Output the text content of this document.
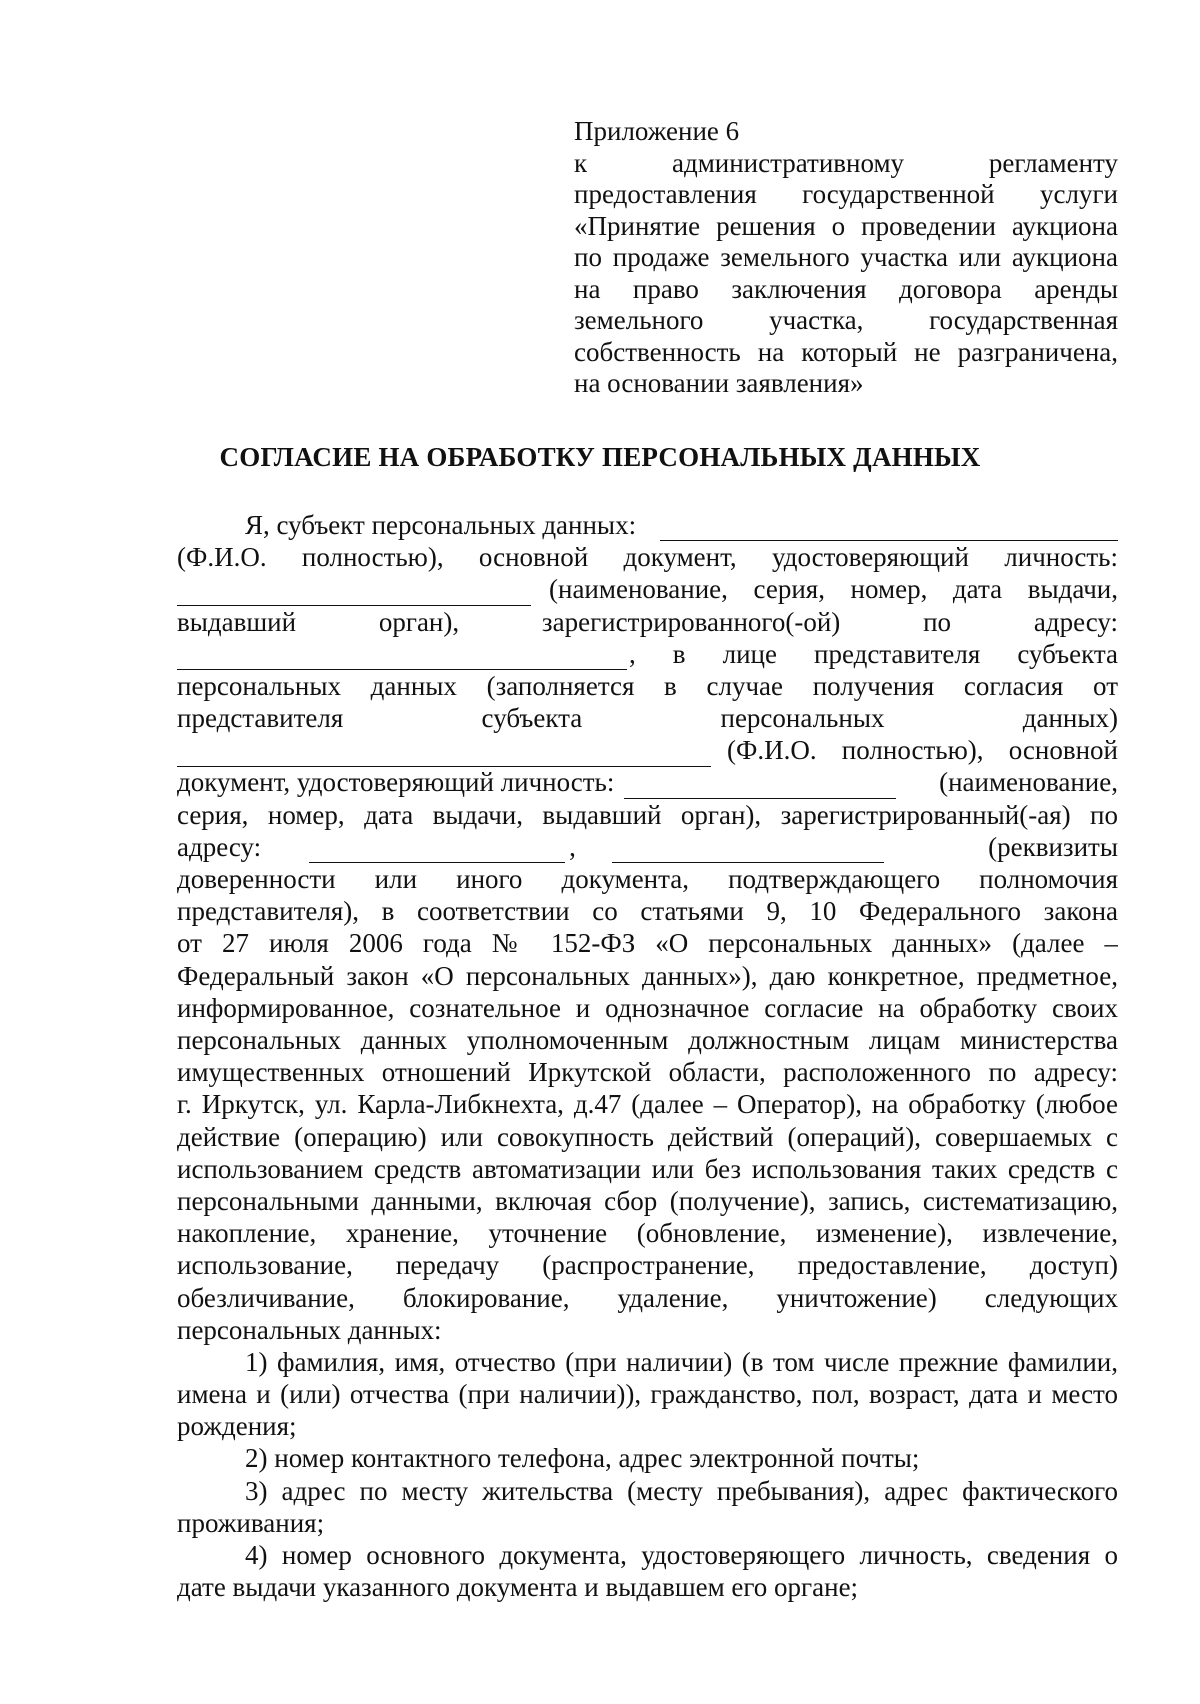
Приложение 6
к административному регламенту
предоставления государственной услуги
«Принятие решения о проведении аукциона
по продаже земельного участка или аукциона
на право заключения договора аренды
земельного участка, государственная
собственность на который не разграничена,
на основании заявления»
СОГЛАСИЕ НА ОБРАБОТКУ ПЕРСОНАЛЬНЫХ ДАННЫХ
Я, субъект персональных данных:
(Ф.И.О. полностью), основной документ, удостоверяющий личность:
(наименование, серия, номер, дата выдачи,
выдавший орган), зарегистрированного(-ой) по адресу:
, в лице представителя субъекта
персональных данных (заполняется в случае получения согласия от
представителя субъекта персональных данных)
(Ф.И.О. полностью), основной
документ, удостоверяющий личность:	(наименование,
серия, номер, дата выдачи, выдавший орган), зарегистрированный(-ая) по
адресу:	,	(реквизиты
доверенности или иного документа, подтверждающего полномочия
представителя), в соответствии со статьями 9, 10 Федерального закона
от 27 июля 2006 года № 152-ФЗ «О персональных данных» (далее –
Федеральный закон «О персональных данных»), даю конкретное, предметное,
информированное, сознательное и однозначное согласие на обработку своих
персональных данных уполномоченным должностным лицам министерства
имущественных отношений Иркутской области, расположенного по адресу:
г. Иркутск, ул. Карла-Либкнехта, д.47 (далее – Оператор), на обработку (любое
действие (операцию) или совокупность действий (операций), совершаемых с
использованием средств автоматизации или без использования таких средств с
персональными данными, включая сбор (получение), запись, систематизацию,
накопление, хранение, уточнение (обновление, изменение), извлечение,
использование, передачу (распространение, предоставление, доступ)
обезличивание, блокирование, удаление, уничтожение) следующих
персональных данных:
1) фамилия, имя, отчество (при наличии) (в том числе прежние фамилии,
имена и (или) отчества (при наличии)), гражданство, пол, возраст, дата и место
рождения;
2) номер контактного телефона, адрес электронной почты;
3) адрес по месту жительства (месту пребывания), адрес фактического
проживания;
4) номер основного документа, удостоверяющего личность, сведения о
дате выдачи указанного документа и выдавшем его органе;
